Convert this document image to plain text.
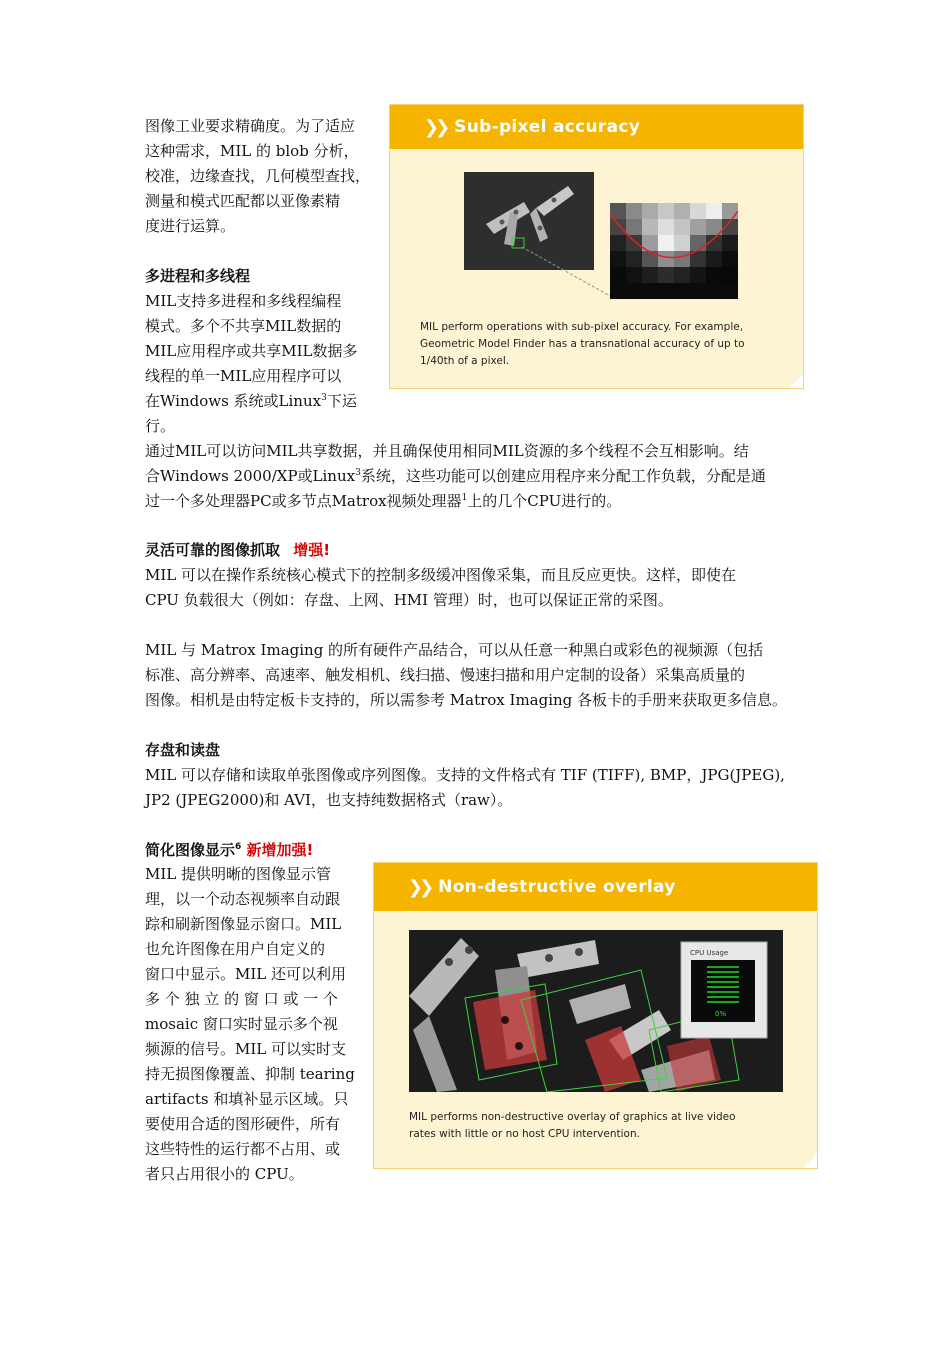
图像工业要求精确度。为了适应
这种需求，MIL 的 blob 分析，
校准，边缘查找，几何模型查找，
测量和模式匹配都以亚像素精
度进行运算。
多进程和多线程
MIL支持多进程和多线程编程
模式。多个不共享MIL数据的
MIL应用程序或共享MIL数据多
线程的单一MIL应用程序可以
在Windows 系统或Linux$^3$下运
行。
通过MIL可以访问MIL共享数据，并且确保使用相同MIL资源的多个线程不会互相影响。结
合Windows 2000/XP或Linux$^3$系统，这些功能可以创建应用程序来分配工作负载，分配是通
过一个多处理器PC或多节点Matrox视频处理器$^1$上的几个CPU进行的。
灵活可靠的图像抓取 增强!
MIL 可以在操作系统核心模式下的控制多级缓冲图像采集，而且反应更快。这样，即使在
CPU 负载很大（例如：存盘、上网、HMI 管理）时，也可以保证正常的采图。
MIL 与 Matrox Imaging 的所有硬件产品结合，可以从任意一种黑白或彩色的视频源（包括
标准、高分辨率、高速率、触发相机、线扫描、慢速扫描和用户定制的设备）采集高质量的
图像。相机是由特定板卡支持的，所以需参考 Matrox Imaging 各板卡的手册来获取更多信息。
存盘和读盘
MIL 可以存储和读取单张图像或序列图像。支持的文件格式有 TIF (TIFF), BMP，JPG(JPEG),
JP2 (JPEG2000)和 AVI，也支持纯数据格式（raw）。
简化图像显示$^6$ 新增加强!
MIL 提供明晰的图像显示管
理，以一个动态视频率自动跟
踪和刷新图像显示窗口。MIL
也允许图像在用户自定义的
窗口中显示。MIL 还可以利用
多 个 独 立 的 窗 口 或 一 个
mosaic 窗口实时显示多个视
频源的信号。MIL 可以实时支
持无损图像覆盖、抑制 tearing
artifacts 和填补显示区域。只
要使用合适的图形硬件，所有
这些特性的运行都不占用、或
者只占用很小的 CPU。
❯❯ Sub-pixel accuracy
MIL perform operations with sub-pixel accuracy. For example,
Geometric Model Finder has a transnational accuracy of up to
1/40th of a pixel.
❯❯ Non-destructive overlay
CPU Usage
0%
MIL performs non-destructive overlay of graphics at live video
rates with little or no host CPU intervention.
